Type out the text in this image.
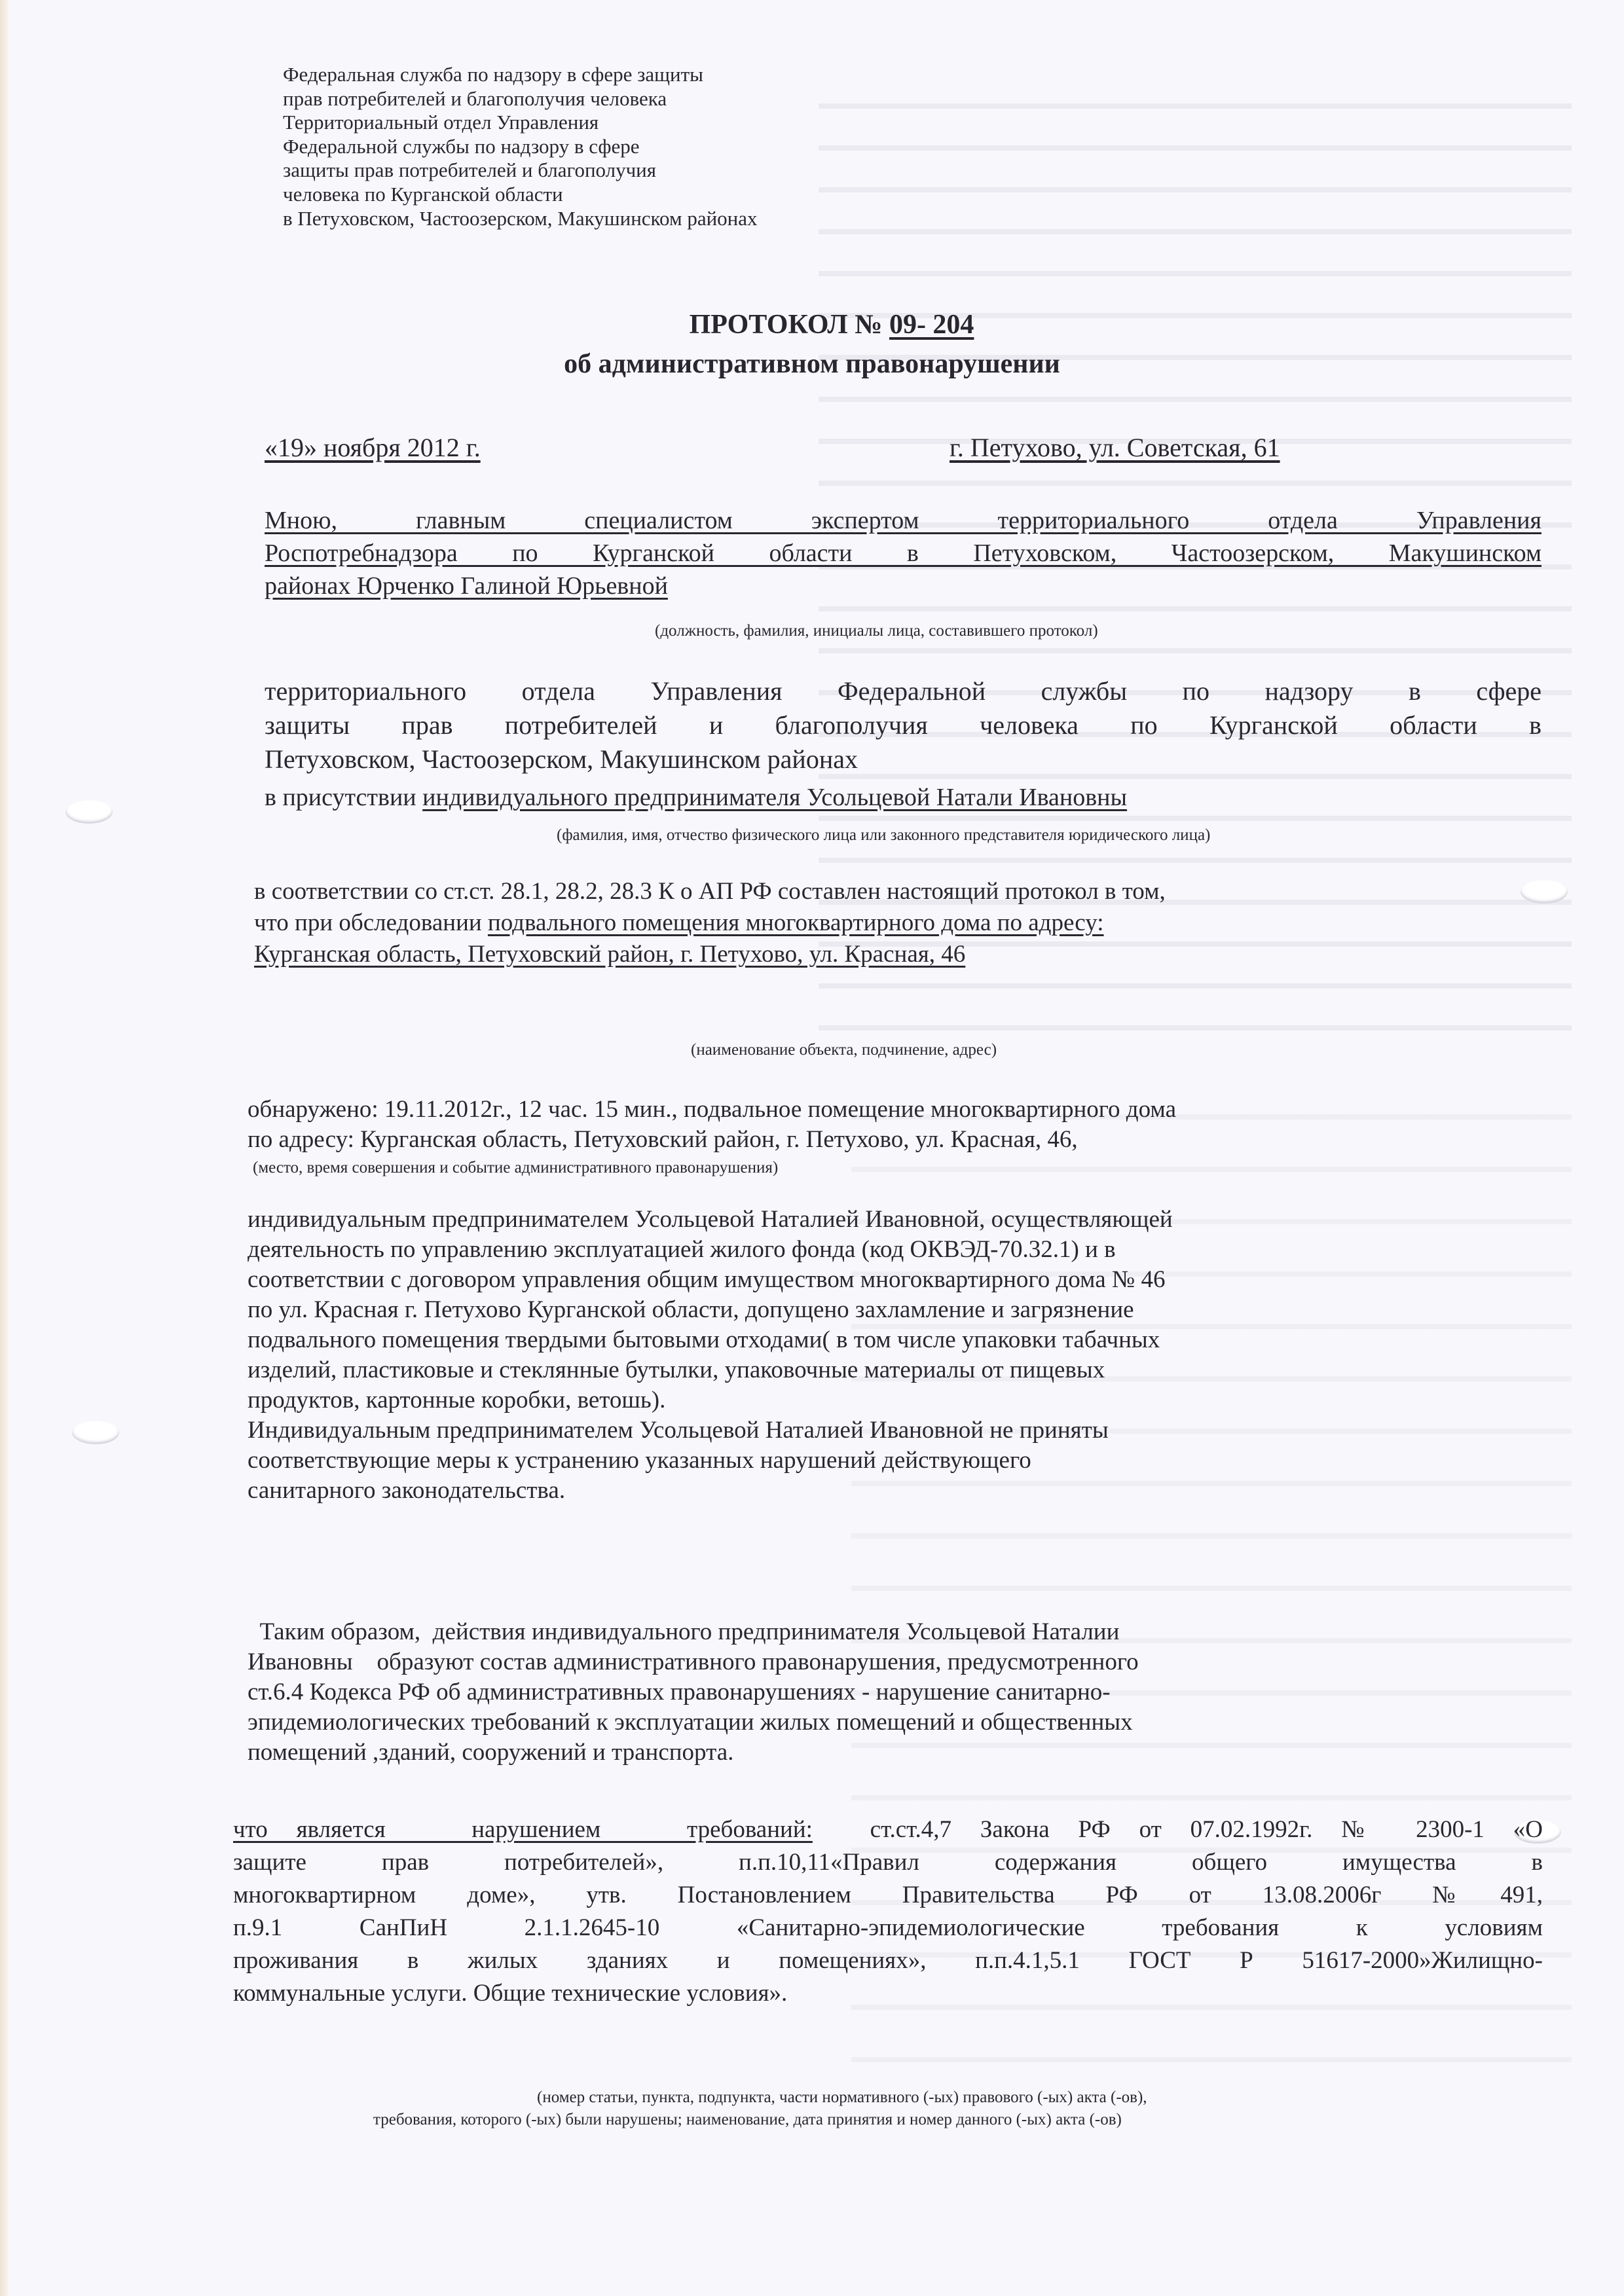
Федеральная служба по надзору в сфере защиты
прав потребителей и благополучия человека
Территориальный отдел Управления
Федеральной службы по надзору в сфере
защиты прав потребителей и благополучия
человека по Курганской области
в Петуховском, Частоозерском, Макушинском районах
ПРОТОКОЛ № 09- 204
об административном правонарушении
«19» ноября 2012 г.	г. Петухово, ул. Советская, 61
Мною, главным специалистом экспертом территориального отдела Управления
Роспотребнадзора по Курганской области в Петуховском, Частоозерском, Макушинском
районах Юрченко Галиной Юрьевной
(должность, фамилия, инициалы лица, составившего протокол)
территориального отдела Управления Федеральной службы по надзору в сфере
защиты прав потребителей и благополучия человека по Курганской области в
Петуховском, Частоозерском, Макушинском районах
в присутствии индивидуального предпринимателя Усольцевой Натали Ивановны
(фамилия, имя, отчество физического лица или законного представителя юридического лица)
в соответствии со ст.ст. 28.1, 28.2, 28.3 К о АП РФ составлен настоящий протокол в том,
что при обследовании подвального помещения многоквартирного дома по адресу:
Курганская область, Петуховский район, г. Петухово, ул. Красная, 46
(наименование объекта, подчинение, адрес)
обнаружено: 19.11.2012г., 12 час. 15 мин., подвальное помещение многоквартирного дома
по адресу: Курганская область, Петуховский район, г. Петухово, ул. Красная, 46,
(место, время совершения и событие административного правонарушения)
индивидуальным предпринимателем Усольцевой Наталией Ивановной, осуществляющей
деятельность по управлению эксплуатацией жилого фонда (код ОКВЭД-70.32.1) и в
соответствии с договором управления общим имуществом многоквартирного дома № 46
по ул. Красная г. Петухово Курганской области, допущено захламление и загрязнение
подвального помещения твердыми бытовыми отходами( в том числе упаковки табачных
изделий, пластиковые и стеклянные бутылки, упаковочные материалы от пищевых
продуктов, картонные коробки, ветошь).
Индивидуальным предпринимателем Усольцевой Наталией Ивановной не приняты
соответствующие меры к устранению указанных нарушений действующего
санитарного законодательства.
Таким образом,  действия индивидуального предпринимателя Усольцевой Наталии
Ивановны    образуют состав административного правонарушения, предусмотренного
ст.6.4 Кодекса РФ об административных правонарушениях - нарушение санитарно-
эпидемиологических требований к эксплуатации жилых помещений и общественных
помещений ,зданий, сооружений и транспорта.
что является   нарушением   требований:  ст.ст.4,7 Закона РФ от 07.02.1992г. № 2300-1 «О
защите прав потребителей», п.п.10,11«Правил содержания общего имущества в
многоквартирном доме», утв. Постановлением Правительства РФ от 13.08.2006г №491,
п.9.1 СанПиН 2.1.1.2645-10 «Санитарно-эпидемиологические требования к условиям
проживания в жилых зданиях и помещениях», п.п.4.1,5.1 ГОСТ Р 51617-2000»Жилищно-
коммунальные услуги. Общие технические условия».
(номер статьи, пункта, подпункта, части нормативного (-ых) правового (-ых) акта (-ов),
требования, которого (-ых) были нарушены; наименование, дата принятия и номер данного (-ых) акта (-ов)
